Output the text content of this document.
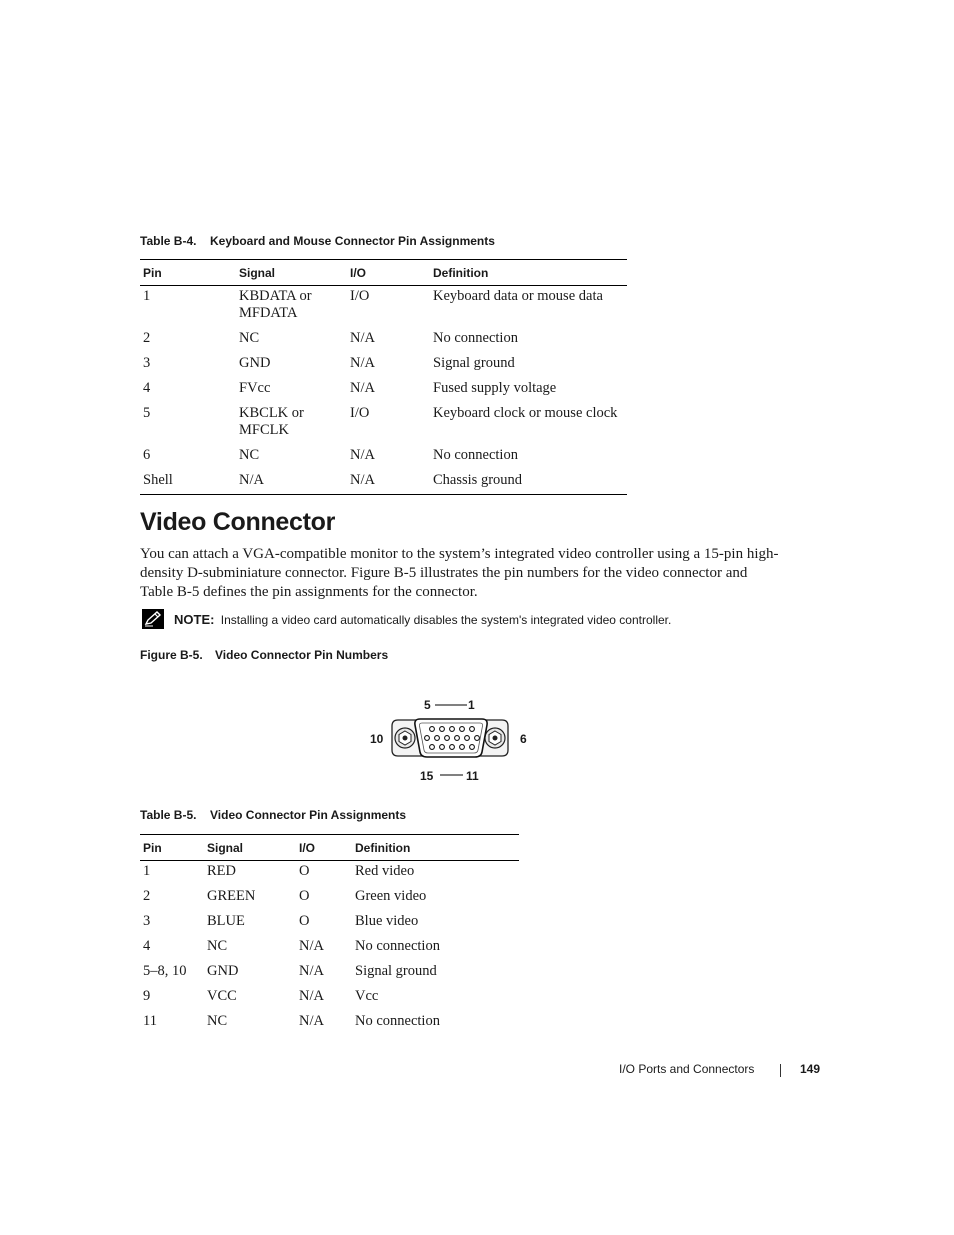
Table B-4. Keyboard and Mouse Connector Pin Assignments
Pin	Signal	I/O	Definition
1	KBDATA or MFDATA	I/O	Keyboard data or mouse data
2	NC	N/A	No connection
3	GND	N/A	Signal ground
4	FVcc	N/A	Fused supply voltage
5	KBCLK or MFCLK	I/O	Keyboard clock or mouse clock
6	NC	N/A	No connection
Shell	N/A	N/A	Chassis ground
Video Connector

You can attach a VGA-compatible monitor to the system’s integrated video controller using a 15-pin high-density D-subminiature connector. Figure B-5 illustrates the pin numbers for the video connector and Table B-5 defines the pin assignments for the connector.

NOTE: Installing a video card automatically disables the system's integrated video controller.
Figure B-5. Video Connector Pin Numbers
5	1
10	6
15	11
Table B-5. Video Connector Pin Assignments
Pin	Signal	I/O	Definition
1	RED	O	Red video
2	GREEN	O	Green video
3	BLUE	O	Blue video
4	NC	N/A	No connection
5–8, 10	GND	N/A	Signal ground
9	VCC	N/A	Vcc
11	NC	N/A	No connection
I/O Ports and Connectors	149
